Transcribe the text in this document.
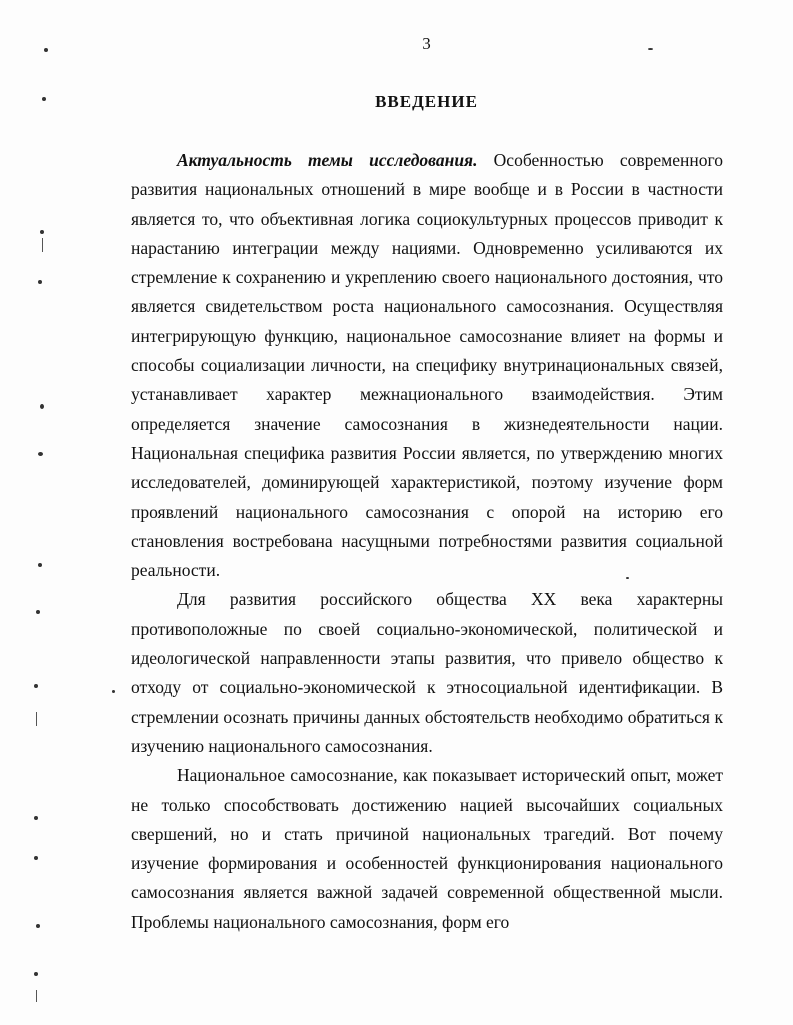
3
ВВЕДЕНИЕ

Актуальность темы исследования. Особенностью современного развития национальных отношений в мире вообще и в России в частности является то, что объективная логика социокультурных процессов приводит к нарастанию интеграции между нациями. Одновременно усиливаются их стремление к сохранению и укреплению своего национального достояния, что является свидетельством роста национального самосознания. Осуществляя интегрирующую функцию, национальное самосознание влияет на формы и способы социализации личности, на специфику внутринациональных связей, устанавливает характер межнационального взаимодействия. Этим определяется значение самосознания в жизнедеятельности нации. Национальная специфика развития России является, по утверждению многих исследователей, доминирующей характеристикой, поэтому изучение форм проявлений национального самосознания с опорой на историю его становления востребована насущными потребностями развития социальной реальности.

Для развития российского общества XX века характерны противоположные по своей социально-экономической, политической и идеологической направленности этапы развития, что привело общество к отходу от социально-экономической к этносоциальной идентификации. В стремлении осознать причины данных обстоятельств необходимо обратиться к изучению национального самосознания.

Национальное самосознание, как показывает исторический опыт, может не только способствовать достижению нацией высочайших социальных свершений, но и стать причиной национальных трагедий. Вот почему изучение формирования и особенностей функционирования национального самосознания является важной задачей современной общественной мысли. Проблемы национального самосознания, форм его
